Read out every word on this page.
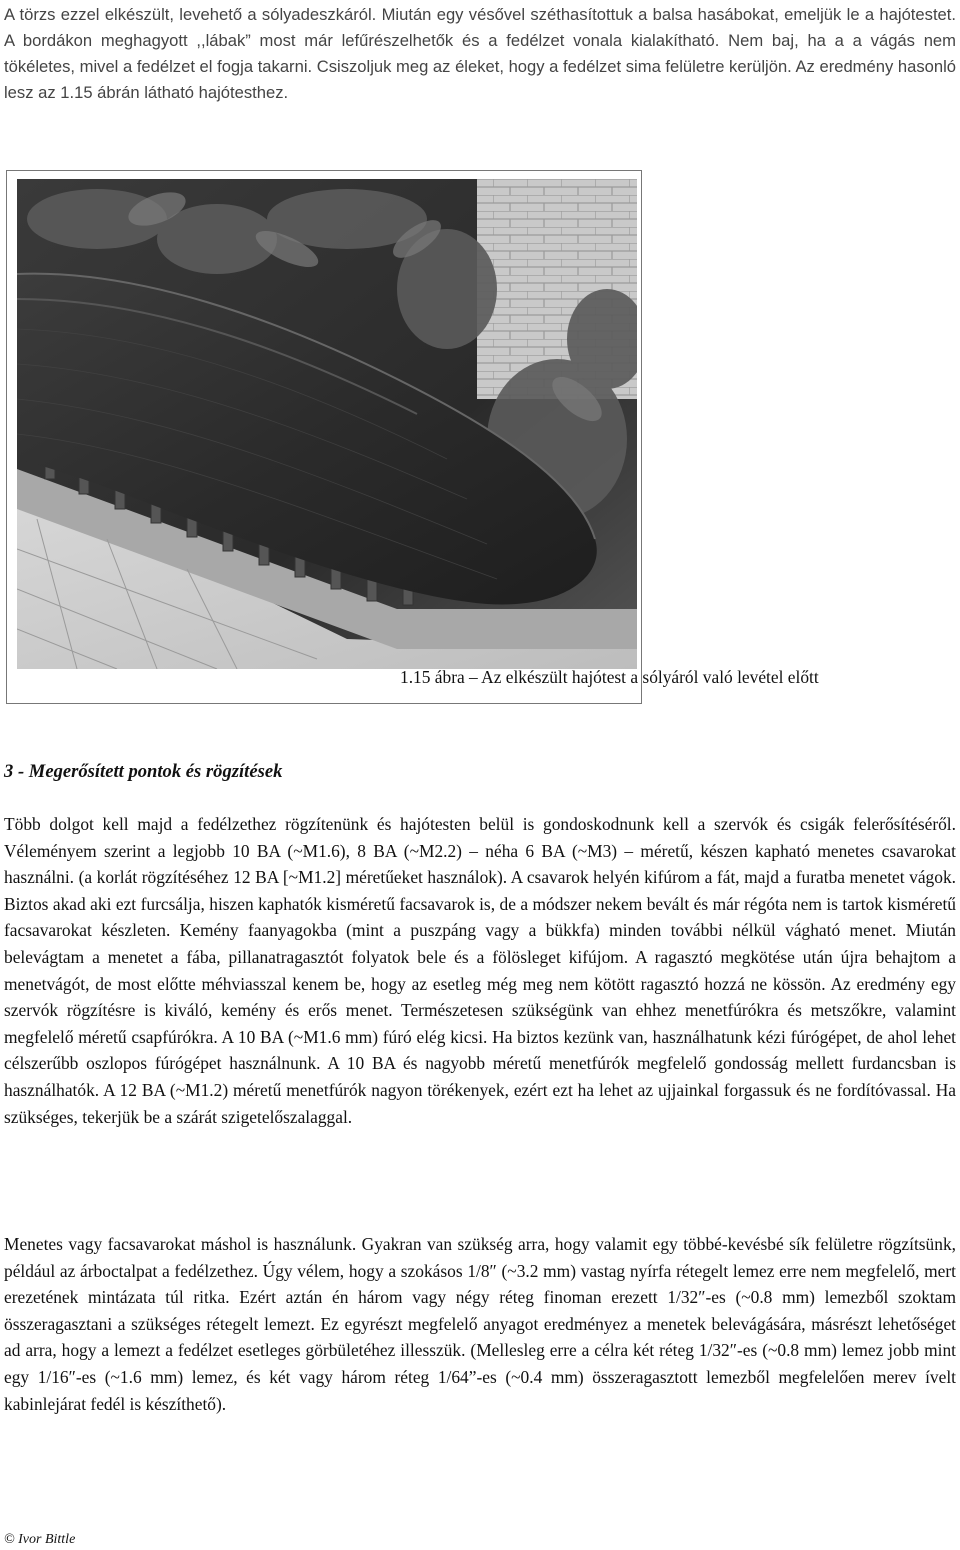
A törzs ezzel elkészült, levehető a sólyadeszkáról. Miután egy vésővel széthasítottuk a balsa hasábokat, emeljük le a hajótestet. A bordákon meghagyott ,,lábak” most már lefűrészelhetők és a fedélzet vonala kialakítható. Nem baj, ha a a vágás nem tökéletes, mivel a fedélzet el fogja takarni. Csiszoljuk meg az éleket, hogy a fedélzet sima felületre kerüljön. Az eredmény hasonló lesz az 1.15 ábrán látható hajótesthez.

1.15 ábra – Az elkészült hajótest a sólyáról való levétel előtt
3 - Megerősített pontok és rögzítések

Több dolgot kell majd a fedélzethez rögzítenünk és hajótesten belül is gondoskodnunk kell a szervók és csigák felerősítéséről. Véleményem szerint a legjobb 10 BA (~M1.6), 8 BA (~M2.2) – néha 6 BA (~M3) – méretű, készen kapható menetes csavarokat használni. (a korlát rögzítéséhez 12 BA [~M1.2] méretűeket használok). A csavarok helyén kifúrom a fát, majd a furatba menetet vágok. Biztos akad aki ezt furcsálja, hiszen kaphatók kisméretű facsavarok is, de a módszer nekem bevált és már régóta nem is tartok kisméretű facsavarokat készleten. Kemény faanyagokba (mint a puszpáng vagy a bükkfa) minden további nélkül vágható menet. Miután belevágtam a menetet a fába, pillanatragasztót folyatok bele és a fölösleget kifújom. A ragasztó megkötése után újra behajtom a menetvágót, de most előtte méhviasszal kenem be, hogy az esetleg még meg nem kötött ragasztó hozzá ne kössön. Az eredmény egy szervók rögzítésre is kiváló, kemény és erős menet. Természetesen szükségünk van ehhez menetfúrókra és metszőkre, valamint megfelelő méretű csapfúrókra. A 10 BA (~M1.6 mm) fúró elég kicsi. Ha biztos kezünk van, használhatunk kézi fúrógépet, de ahol lehet célszerűbb oszlopos fúrógépet használnunk. A 10 BA és nagyobb méretű menetfúrók megfelelő gondosság mellett furdancsban is használhatók. A 12 BA (~M1.2) méretű menetfúrók nagyon törékenyek, ezért ezt ha lehet az ujjainkal forgassuk és ne fordítóvassal. Ha szükséges, tekerjük be a szárát szigetelőszalaggal.

Menetes vagy facsavarokat máshol is használunk. Gyakran van szükség arra, hogy valamit egy többé-kevésbé sík felületre rögzítsünk, például az árboctalpat a fedélzethez. Úgy vélem, hogy a szokásos 1/8″ (~3.2 mm) vastag nyírfa rétegelt lemez erre nem megfelelő, mert erezetének mintázata túl ritka. Ezért aztán én három vagy négy réteg finoman erezett 1/32″-es (~0.8 mm) lemezből szoktam összeragasztani a szükséges rétegelt lemezt. Ez egyrészt megfelelő anyagot eredményez a menetek belevágására, másrészt lehetőséget ad arra, hogy a lemezt a fedélzet esetleges görbületéhez illesszük. (Mellesleg erre a célra két réteg 1/32″-es (~0.8 mm) lemez jobb mint egy 1/16″-es (~1.6 mm) lemez, és két vagy három réteg 1/64”-es (~0.4 mm) összeragasztott lemezből megfelelően merev ívelt kabinlejárat fedél is készíthető).

© Ivor Bittle
